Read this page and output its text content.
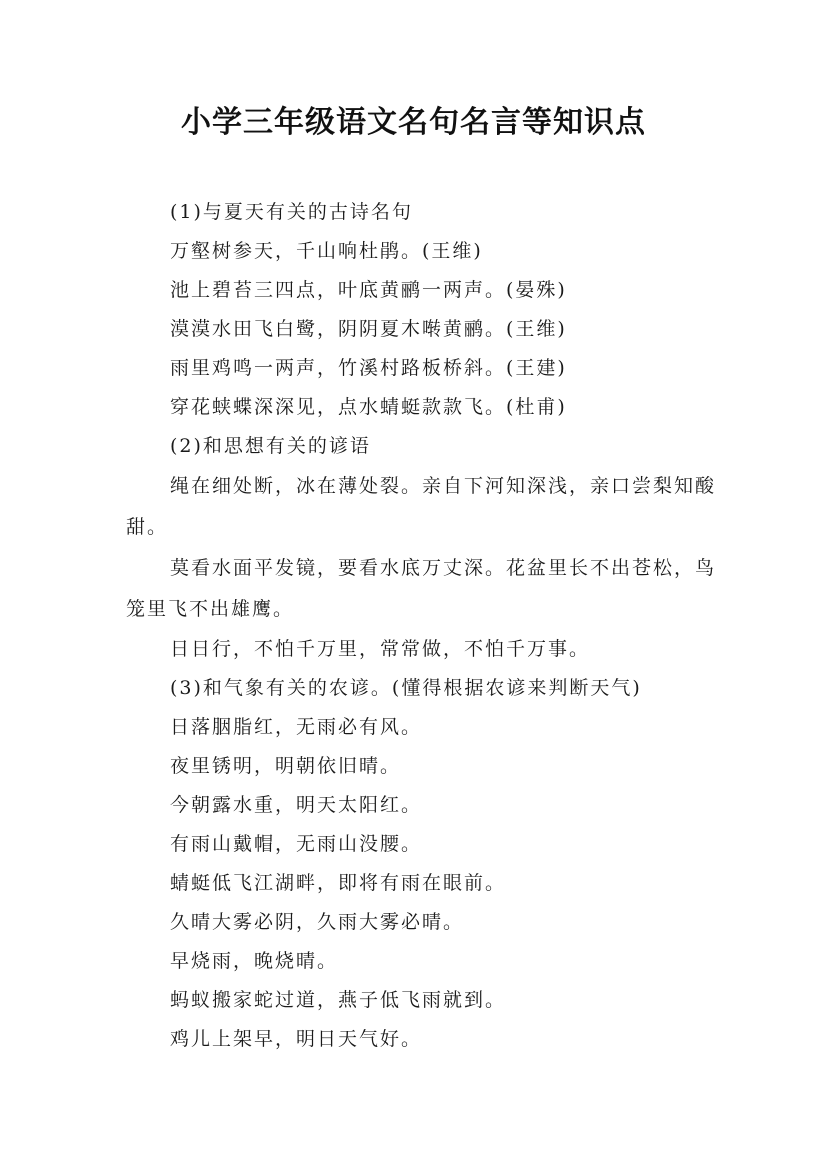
小学三年级语文名句名言等知识点

(1)与夏天有关的古诗名句

万壑树参天，千山响杜鹃。(王维)

池上碧苔三四点，叶底黄鹂一两声。(晏殊)

漠漠水田飞白鹭，阴阴夏木啭黄鹂。(王维)

雨里鸡鸣一两声，竹溪村路板桥斜。(王建)

穿花蛱蝶深深见，点水蜻蜓款款飞。(杜甫)

(2)和思想有关的谚语

绳在细处断，冰在薄处裂。亲自下河知深浅，亲口尝梨知酸甜。

莫看水面平发镜，要看水底万丈深。花盆里长不出苍松，鸟笼里飞不出雄鹰。

日日行，不怕千万里，常常做，不怕千万事。

(3)和气象有关的农谚。(懂得根据农谚来判断天气)

日落胭脂红，无雨必有风。

夜里锈明，明朝依旧晴。

今朝露水重，明天太阳红。

有雨山戴帽，无雨山没腰。

蜻蜓低飞江湖畔，即将有雨在眼前。

久晴大雾必阴，久雨大雾必晴。

早烧雨，晚烧晴。

蚂蚁搬家蛇过道，燕子低飞雨就到。

鸡儿上架早，明日天气好。
